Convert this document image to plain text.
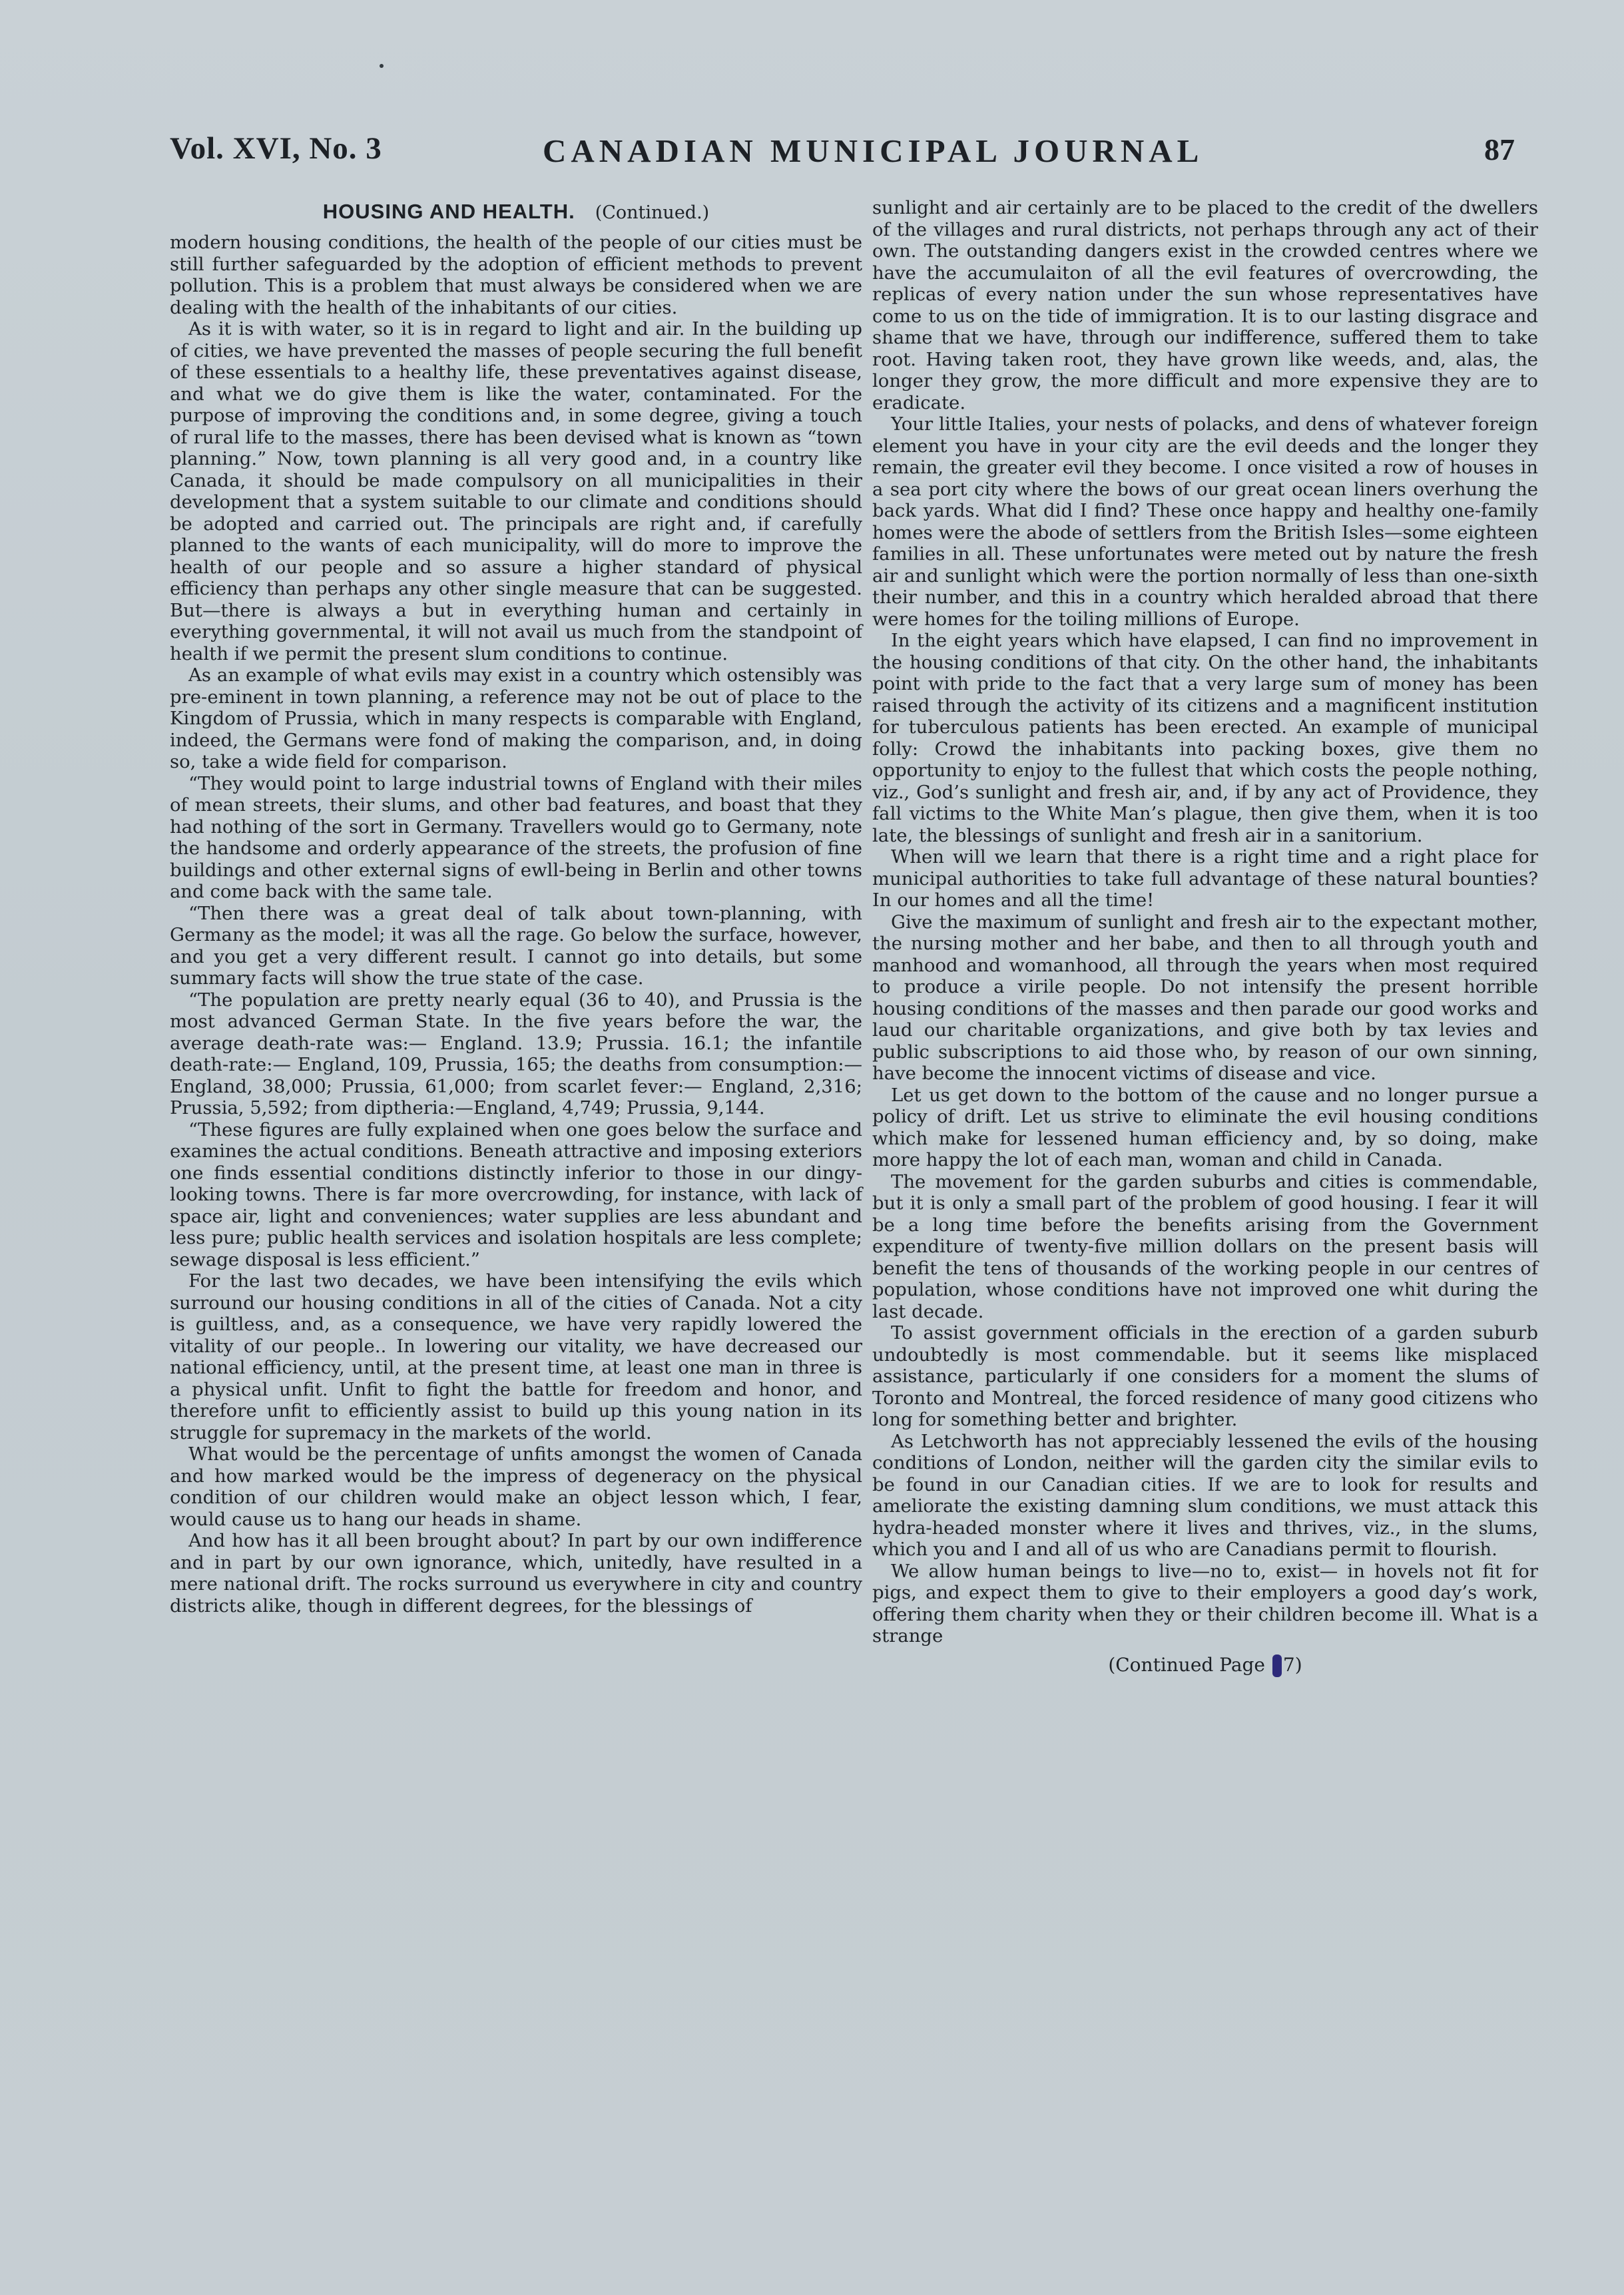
Vol. XVI, No. 3	CANADIAN MUNICIPAL JOURNAL	87
HOUSING AND HEALTH. (Continued.)

modern housing conditions, the health of the people of our cities must be still further safeguarded by the adoption of efficient methods to prevent pollution. This is a problem that must always be considered when we are dealing with the health of the inhabitants of our cities.

As it is with water, so it is in regard to light and air. In the building up of cities, we have prevented the masses of people securing the full benefit of these essentials to a healthy life, these preventatives against disease, and what we do give them is like the water, contaminated. For the purpose of improving the conditions and, in some degree, giving a touch of rural life to the masses, there has been devised what is known as “town planning.” Now, town planning is all very good and, in a country like Canada, it should be made compulsory on all municipalities in their development that a system suitable to our climate and conditions should be adopted and carried out. The principals are right and, if carefully planned to the wants of each municipality, will do more to improve the health of our people and so assure a higher standard of physical efficiency than perhaps any other single measure that can be suggested. But—there is always a but in everything human and certainly in everything governmental, it will not avail us much from the standpoint of health if we permit the present slum conditions to continue.

As an example of what evils may exist in a country which ostensibly was pre-eminent in town planning, a reference may not be out of place to the Kingdom of Prussia, which in many respects is comparable with England, indeed, the Germans were fond of making the comparison, and, in doing so, take a wide field for comparison.

“They would point to large industrial towns of England with their miles of mean streets, their slums, and other bad features, and boast that they had nothing of the sort in Germany. Travellers would go to Germany, note the handsome and orderly appearance of the streets, the profusion of fine buildings and other external signs of ewll-being in Berlin and other towns and come back with the same tale.

“Then there was a great deal of talk about town-planning, with Germany as the model; it was all the rage. Go below the surface, however, and you get a very different result. I cannot go into details, but some summary facts will show the true state of the case.

“The population are pretty nearly equal (36 to 40), and Prussia is the most advanced German State. In the five years before the war, the average death-rate was:— England. 13.9; Prussia. 16.1; the infantile death-rate:— England, 109, Prussia, 165; the deaths from consumption:— England, 38,000; Prussia, 61,000; from scarlet fever:— England, 2,316; Prussia, 5,592; from diptheria:—England, 4,749; Prussia, 9,144.

“These figures are fully explained when one goes below the surface and examines the actual conditions. Beneath attractive and imposing exteriors one finds essential conditions distinctly inferior to those in our dingy-looking towns. There is far more overcrowding, for instance, with lack of space air, light and conveniences; water supplies are less abundant and less pure; public health services and isolation hospitals are less complete; sewage disposal is less efficient.”

For the last two decades, we have been intensifying the evils which surround our housing conditions in all of the cities of Canada. Not a city is guiltless, and, as a consequence, we have very rapidly lowered the vitality of our people.. In lowering our vitality, we have decreased our national efficiency, until, at the present time, at least one man in three is a physical unfit. Unfit to fight the battle for freedom and honor, and therefore unfit to efficiently assist to build up this young nation in its struggle for supremacy in the markets of the world.

What would be the percentage of unfits amongst the women of Canada and how marked would be the impress of degeneracy on the physical condition of our children would make an object lesson which, I fear, would cause us to hang our heads in shame.

And how has it all been brought about? In part by our own indifference and in part by our own ignorance, which, unitedly, have resulted in a mere national drift. The rocks surround us everywhere in city and country districts alike, though in different degrees, for the blessings of

sunlight and air certainly are to be placed to the credit of the dwellers of the villages and rural districts, not perhaps through any act of their own. The outstanding dangers exist in the crowded centres where we have the accumulaiton of all the evil features of overcrowding, the replicas of every nation under the sun whose representatives have come to us on the tide of immigration. It is to our lasting disgrace and shame that we have, through our indifference, suffered them to take root. Having taken root, they have grown like weeds, and, alas, the longer they grow, the more difficult and more expensive they are to eradicate.

Your little Italies, your nests of polacks, and dens of whatever foreign element you have in your city are the evil deeds and the longer they remain, the greater evil they become. I once visited a row of houses in a sea port city where the bows of our great ocean liners overhung the back yards. What did I find? These once happy and healthy one-family homes were the abode of settlers from the British Isles—some eighteen families in all. These unfortunates were meted out by nature the fresh air and sunlight which were the portion normally of less than one-sixth their number, and this in a country which heralded abroad that there were homes for the toiling millions of Europe.

In the eight years which have elapsed, I can find no improvement in the housing conditions of that city. On the other hand, the inhabitants point with pride to the fact that a very large sum of money has been raised through the activity of its citizens and a magnificent institution for tuberculous patients has been erected. An example of municipal folly: Crowd the inhabitants into packing boxes, give them no opportunity to enjoy to the fullest that which costs the people nothing, viz., God’s sunlight and fresh air, and, if by any act of Providence, they fall victims to the White Man’s plague, then give them, when it is too late, the blessings of sunlight and fresh air in a sanitorium.

When will we learn that there is a right time and a right place for municipal authorities to take full advantage of these natural bounties? In our homes and all the time!

Give the maximum of sunlight and fresh air to the expectant mother, the nursing mother and her babe, and then to all through youth and manhood and womanhood, all through the years when most required to produce a virile people. Do not intensify the present horrible housing conditions of the masses and then parade our good works and laud our charitable organizations, and give both by tax levies and public subscriptions to aid those who, by reason of our own sinning, have become the innocent victims of disease and vice.

Let us get down to the bottom of the cause and no longer pursue a policy of drift. Let us strive to eliminate the evil housing conditions which make for lessened human efficiency and, by so doing, make more happy the lot of each man, woman and child in Canada.

The movement for the garden suburbs and cities is commendable, but it is only a small part of the problem of good housing. I fear it will be a long time before the benefits arising from the Government expenditure of twenty-five million dollars on the present basis will benefit the tens of thousands of the working people in our centres of population, whose conditions have not improved one whit during the last decade.

To assist government officials in the erection of a garden suburb undoubtedly is most commendable. but it seems like misplaced assistance, particularly if one considers for a moment the slums of Toronto and Montreal, the forced residence of many good citizens who long for something better and brighter.

As Letchworth has not appreciably lessened the evils of the housing conditions of London, neither will the garden city the similar evils to be found in our Canadian cities. If we are to look for results and ameliorate the existing damning slum conditions, we must attack this hydra-headed monster where it lives and thrives, viz., in the slums, which you and I and all of us who are Canadians permit to flourish.

We allow human beings to live—no to, exist— in hovels not fit for pigs, and expect them to give to their employers a good day’s work, offering them charity when they or their children become ill. What is a strange

(Continued Page 7)
